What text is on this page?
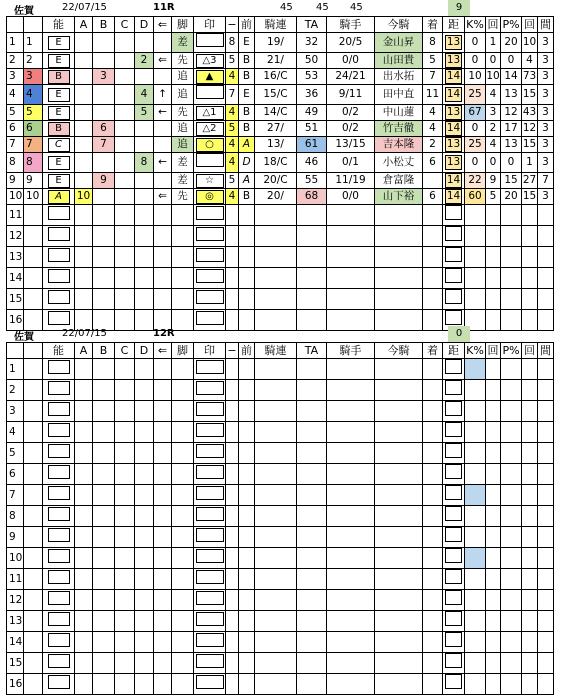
佐賀	22/07/15	11R	45 45 45	9
		能	A	B	C	D	⇐	脚	印	−	前	騎連	TA	騎手	今騎	着	距	K%	回	P%	回	間
1	1	E						差		8	E	19/	32	20/5	金山昇	8	13	0	1	20	10	3
2	2	E				2	⇐	先	△3	5	B	21/	50	0/0	山田貴	5	13	0	0	0	4	3
3	3	B		3				追	▲	4	B	16/C	53	24/21	出水拓	7	14	10	10	14	73	3
4	4	E				4	↑	追		7	E	15/C	36	9/11	田中直	11	14	25	4	13	15	3
5	5	E				5	←	先	△1	4	B	14/C	49	0/2	中山蓮	4	13	67	3	12	43	3
6	6	B		6				追	△2	5	B	27/	51	0/2	竹吉徹	4	14	0	2	17	12	3
7	7	C		7				追	○	4	A	13/	61	13/15	吉本隆	2	13	25	4	13	15	3
8	8	E				8	←	差		4	D	18/C	46	0/1	小松丈	6	13	0	0	0	1	3
9	9	E		9				差	☆	5	A	20/C	55	11/19	倉富隆		14	22	9	15	27	7
10	10	A	10				⇐	先	◎	4	B	20/	68	0/0	山下裕	6	14	60	5	20	15	3
11																						
12																						
13																						
14																						
15																						
16																						
佐賀	22/07/15	12R	0
		能	A	B	C	D	⇐	脚	印	−	前	騎連	TA	騎手	今騎	着	距	K%	回	P%	回	間
1																						
2																						
3																						
4																						
5																						
6																						
7																						
8																						
9																						
10																						
11																						
12																						
13																						
14																						
15																						
16																						
